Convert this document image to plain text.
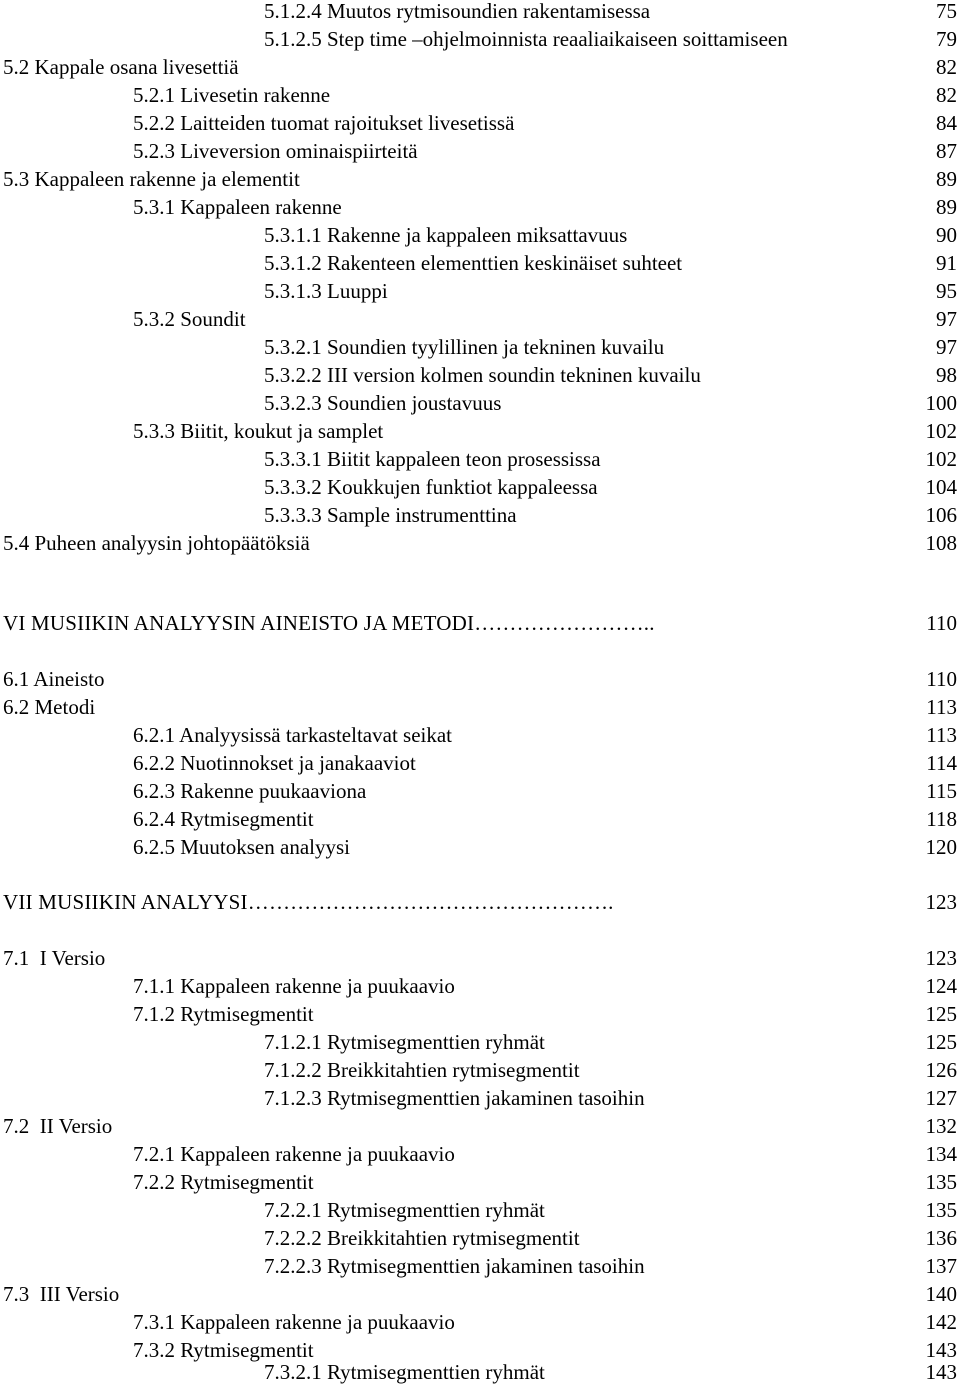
5.1.2.4 Muutos rytmisoundien rakentamisessa	75
5.1.2.5 Step time –ohjelmoinnista reaaliaikaiseen soittamiseen	79
5.2 Kappale osana livesettiä	82
5.2.1 Livesetin rakenne	82
5.2.2 Laitteiden tuomat rajoitukset livesetissä	84
5.2.3 Liveversion ominaispiirteitä	87
5.3 Kappaleen rakenne ja elementit	89
5.3.1 Kappaleen rakenne	89
5.3.1.1 Rakenne ja kappaleen miksattavuus	90
5.3.1.2 Rakenteen elementtien keskinäiset suhteet	91
5.3.1.3 Luuppi	95
5.3.2 Soundit	97
5.3.2.1 Soundien tyylillinen ja tekninen kuvailu	97
5.3.2.2 III version kolmen soundin tekninen kuvailu	98
5.3.2.3 Soundien joustavuus	100
5.3.3 Biitit, koukut ja samplet	102
5.3.3.1 Biitit kappaleen teon prosessissa	102
5.3.3.2 Koukkujen funktiot kappaleessa	104
5.3.3.3 Sample instrumenttina	106
5.4 Puheen analyysin johtopäätöksiä	108
VI MUSIIKIN ANALYYSIN AINEISTO JA METODI……………………..	110
6.1 Aineisto	110
6.2 Metodi	113
6.2.1 Analyysissä tarkasteltavat seikat	113
6.2.2 Nuotinnokset ja janakaaviot	114
6.2.3 Rakenne puukaaviona	115
6.2.4 Rytmisegmentit	118
6.2.5 Muutoksen analyysi	120
VII MUSIIKIN ANALYYSI…………………………………………….	123
7.1  I Versio	123
7.1.1 Kappaleen rakenne ja puukaavio	124
7.1.2 Rytmisegmentit	125
7.1.2.1 Rytmisegmenttien ryhmät	125
7.1.2.2 Breikkitahtien rytmisegmentit	126
7.1.2.3 Rytmisegmenttien jakaminen tasoihin	127
7.2  II Versio	132
7.2.1 Kappaleen rakenne ja puukaavio	134
7.2.2 Rytmisegmentit	135
7.2.2.1 Rytmisegmenttien ryhmät	135
7.2.2.2 Breikkitahtien rytmisegmentit	136
7.2.2.3 Rytmisegmenttien jakaminen tasoihin	137
7.3  III Versio	140
7.3.1 Kappaleen rakenne ja puukaavio	142
7.3.2 Rytmisegmentit	143
7.3.2.1 Rytmisegmenttien ryhmät	143
